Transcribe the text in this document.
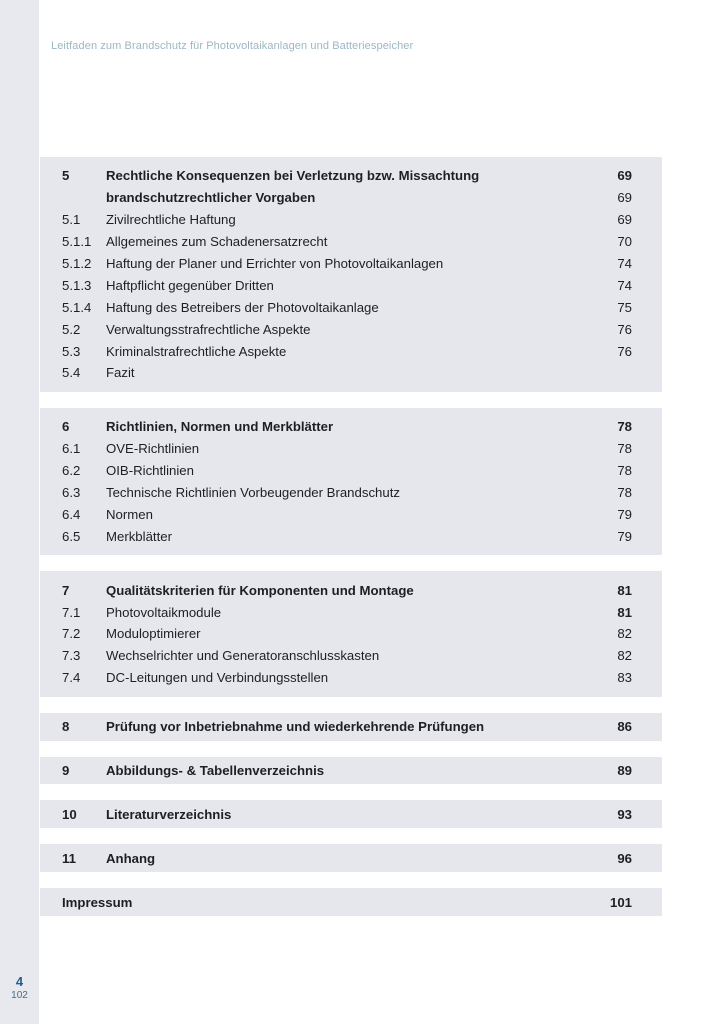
Leitfaden zum Brandschutz für Photovoltaikanlagen und Batteriespeicher
4
102
5	Rechtliche Konsequenzen bei Verletzung bzw. Missachtung	69
brandschutzrechtlicher Vorgaben	69
5.1	Zivilrechtliche Haftung	69
5.1.1	Allgemeines zum Schadenersatzrecht	70
5.1.2	Haftung der Planer und Errichter von Photovoltaikanlagen	74
5.1.3	Haftpflicht gegenüber Dritten	74
5.1.4	Haftung des Betreibers der Photovoltaikanlage	75
5.2	Verwaltungsstrafrechtliche Aspekte	76
5.3	Kriminalstrafrechtliche Aspekte	76
5.4	Fazit
6	Richtlinien, Normen und Merkblätter	78
6.1	OVE-Richtlinien	78
6.2	OIB-Richtlinien	78
6.3	Technische Richtlinien Vorbeugender Brandschutz	78
6.4	Normen	79
6.5	Merkblätter	79
7	Qualitätskriterien für Komponenten und Montage	81
7.1	Photovoltaikmodule	81
7.2	Moduloptimierer	82
7.3	Wechselrichter und Generatoranschlusskasten	82
7.4	DC-Leitungen und Verbindungsstellen	83
8	Prüfung vor Inbetriebnahme und wiederkehrende Prüfungen	86
9	Abbildungs- & Tabellenverzeichnis	89
10	Literaturverzeichnis	93
11	Anhang	96
Impressum	101
